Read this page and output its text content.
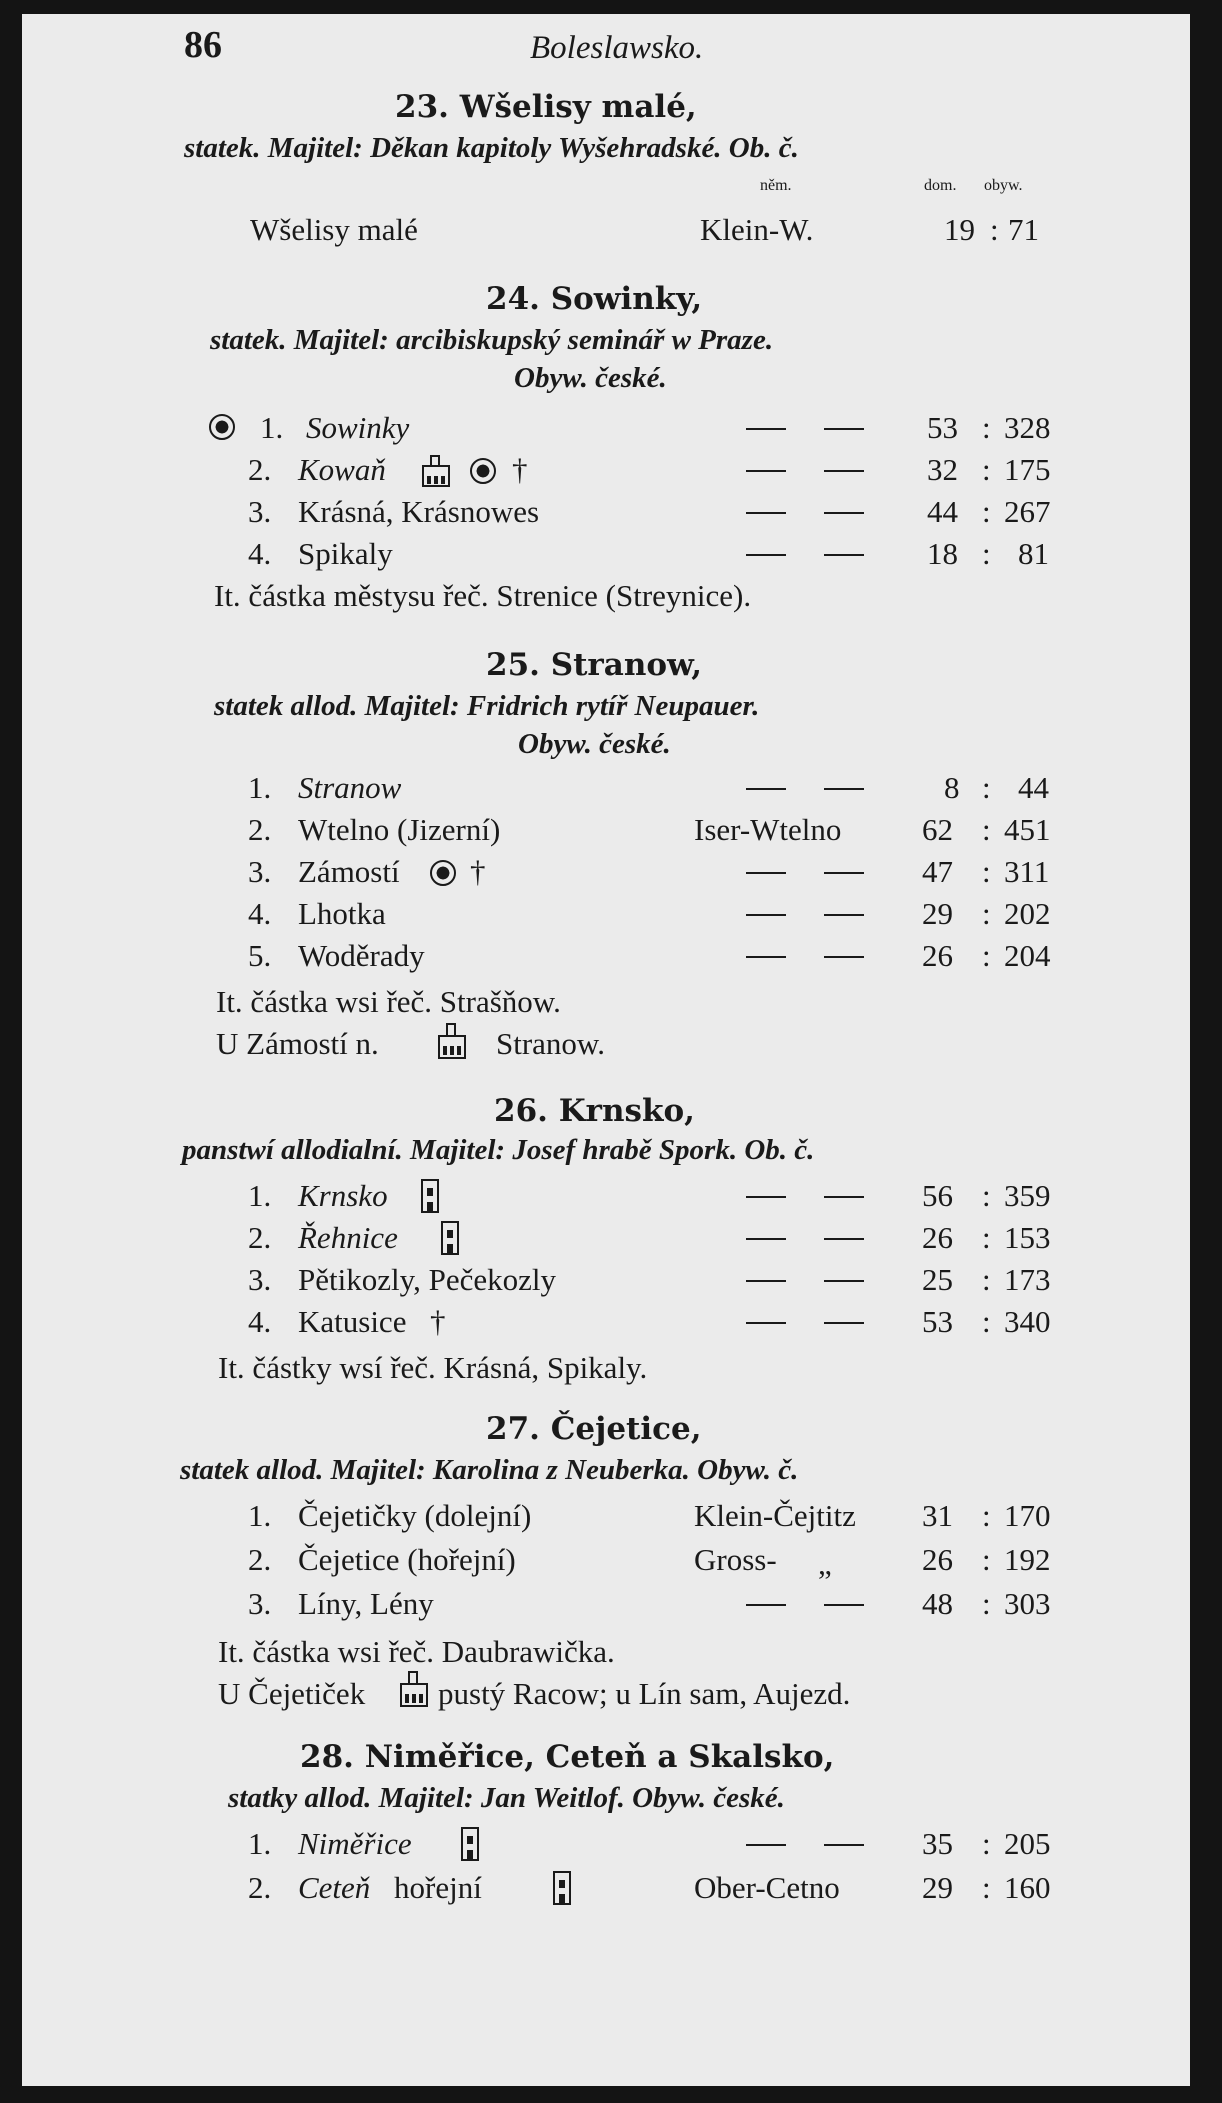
86	Boleslawsko.
23. Wšelisy malé,
statek. Majitel: Děkan kapitoly Wyšehradské. Ob. č.
něm.	dom. obyw.
Wšelisy malé	Klein-W.	19 : 71
24. Sowinky,
statek. Majitel: arcibiskupský seminář w Praze.
Obyw. české.
1. Sowinky	53 : 328
2. Kowaň	†	32 : 175
3. Krásná, Krásnowes	44 : 267
4. Spikaly	18 : 81
It. částka městysu řeč. Strenice (Streynice).
25. Stranow,
statek allod. Majitel: Fridrich rytíř Neupauer.
Obyw. české.
1. Stranow	8 : 44
2. Wtelno (Jizerní)	Iser-Wtelno	62 : 451
3. Zámostí †	47 : 311
4. Lhotka	29 : 202
5. Woděrady	26 : 204
It. částka wsi řeč. Strašňow.
U Zámostí n.	Stranow.
26. Krnsko,
panstwí allodialní. Majitel: Josef hrabě Spork. Ob. č.
1. Krnsko	56 : 359
2. Řehnice	26 : 153
3. Pětikozly, Pečekozly	25 : 173
4. Katusice †	53 : 340
It. částky wsí řeč. Krásná, Spikaly.
27. Čejetice,
statek allod. Majitel: Karolina z Neuberka. Obyw. č.
1. Čejetičky (dolejní)	Klein-Čejtitz 31 : 170
2. Čejetice (hořejní)	Gross- „	26 : 192
3. Líny, Lény	48 : 303
It. částka wsi řeč. Daubrawička.
U Čejetiček pustý Racow; u Lín sam, Aujezd.
28. Niměřice, Ceteň a Skalsko,
statky allod. Majitel: Jan Weitlof. Obyw. české.
1. Niměřice	35 : 205
2. Ceteň hořejní	Ober-Cetno	29 : 160
